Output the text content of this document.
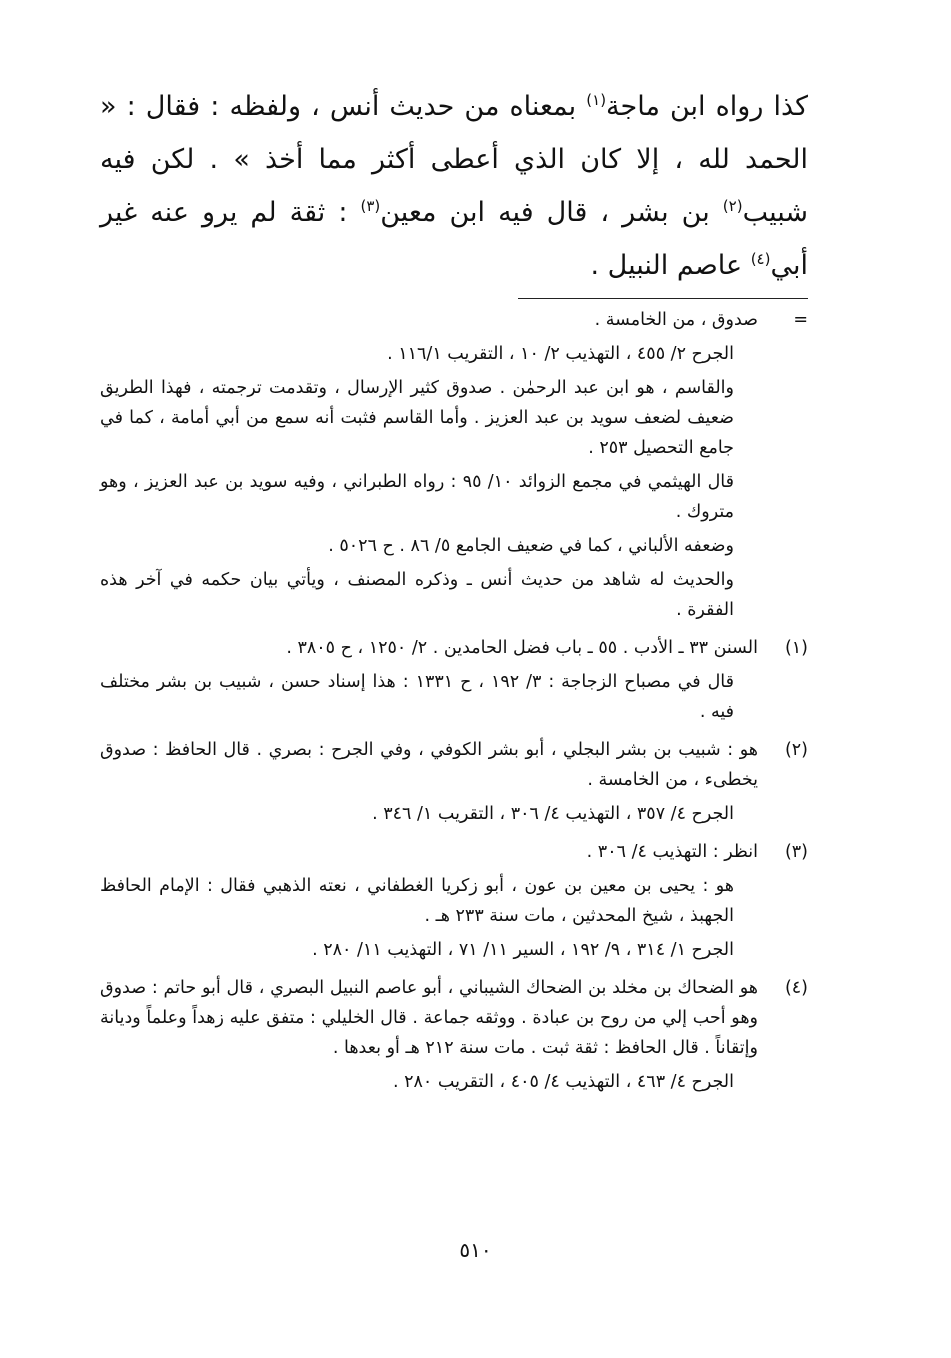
كذا رواه ابن ماجة$^{(١)}$ بمعناه من حديث أنس ، ولفظه : فقال : « الحمد لله ، إلا كان الذي أعطى أكثر مما أخذ » . لكن فيه شبيب$^{(٢)}$ بن بشر ، قال فيه ابن معين$^{(٣)}$ : ثقة لم يرو عنه غير أبي$^{(٤)}$ عاصم النبيل .

=

صدوق ، من الخامسة .

الجرح ٢/ ٤٥٥ ، التهذيب ٢/ ١٠ ، التقريب ١١٦/١ .

والقاسم ، هو ابن عبد الرحمٰن . صدوق كثير الإرسال ، وتقدمت ترجمته ، فهذا الطريق ضعيف لضعف سويد بن عبد العزيز . وأما القاسم فثبت أنه سمع من أبي أمامة ، كما في جامع التحصيل ٢٥٣ .

قال الهيثمي في مجمع الزوائد ١٠/ ٩٥ : رواه الطبراني ، وفيه سويد بن عبد العزيز ، وهو متروك .

وضعفه الألباني ، كما في ضعيف الجامع ٥/ ٨٦ . ح ٥٠٢٦ .

والحديث له شاهد من حديث أنس ـ وذكره المصنف ، ويأتي بيان حكمه في آخر هذه الفقرة .

(١)

السنن ٣٣ ـ الأدب . ٥٥ ـ باب فضل الحامدين . ٢/ ١٢٥٠ ، ح ٣٨٠٥ .

قال في مصباح الزجاجة : ٣/ ١٩٢ ، ح ١٣٣١ : هذا إسناد حسن ، شبيب بن بشر مختلف فيه .

(٢)

هو : شبيب بن بشر البجلي ، أبو بشر الكوفي ، وفي الجرح : بصري . قال الحافظ : صدوق يخطىء ، من الخامسة .

الجرح ٤/ ٣٥٧ ، التهذيب ٤/ ٣٠٦ ، التقريب ١/ ٣٤٦ .

(٣)

انظر : التهذيب ٤/ ٣٠٦ .

هو : يحيى بن معين بن عون ، أبو زكريا الغطفاني ، نعته الذهبي فقال : الإمام الحافظ الجهبذ ، شيخ المحدثين ، مات سنة ٢٣٣ هـ .

الجرح ١/ ٣١٤ ، ٩/ ١٩٢ ، السير ١١/ ٧١ ، التهذيب ١١/ ٢٨٠ .

(٤)

هو الضحاك بن مخلد بن الضحاك الشيباني ، أبو عاصم النبيل البصري ، قال أبو حاتم : صدوق وهو أحب إلي من روح بن عبادة . ووثقه جماعة . قال الخليلي : متفق عليه زهداً وعلماً وديانة وإتقاناً . قال الحافظ : ثقة ثبت . مات سنة ٢١٢ هـ أو بعدها .

الجرح ٤/ ٤٦٣ ، التهذيب ٤/ ٤٠٥ ، التقريب ٢٨٠ .

٥١٠
